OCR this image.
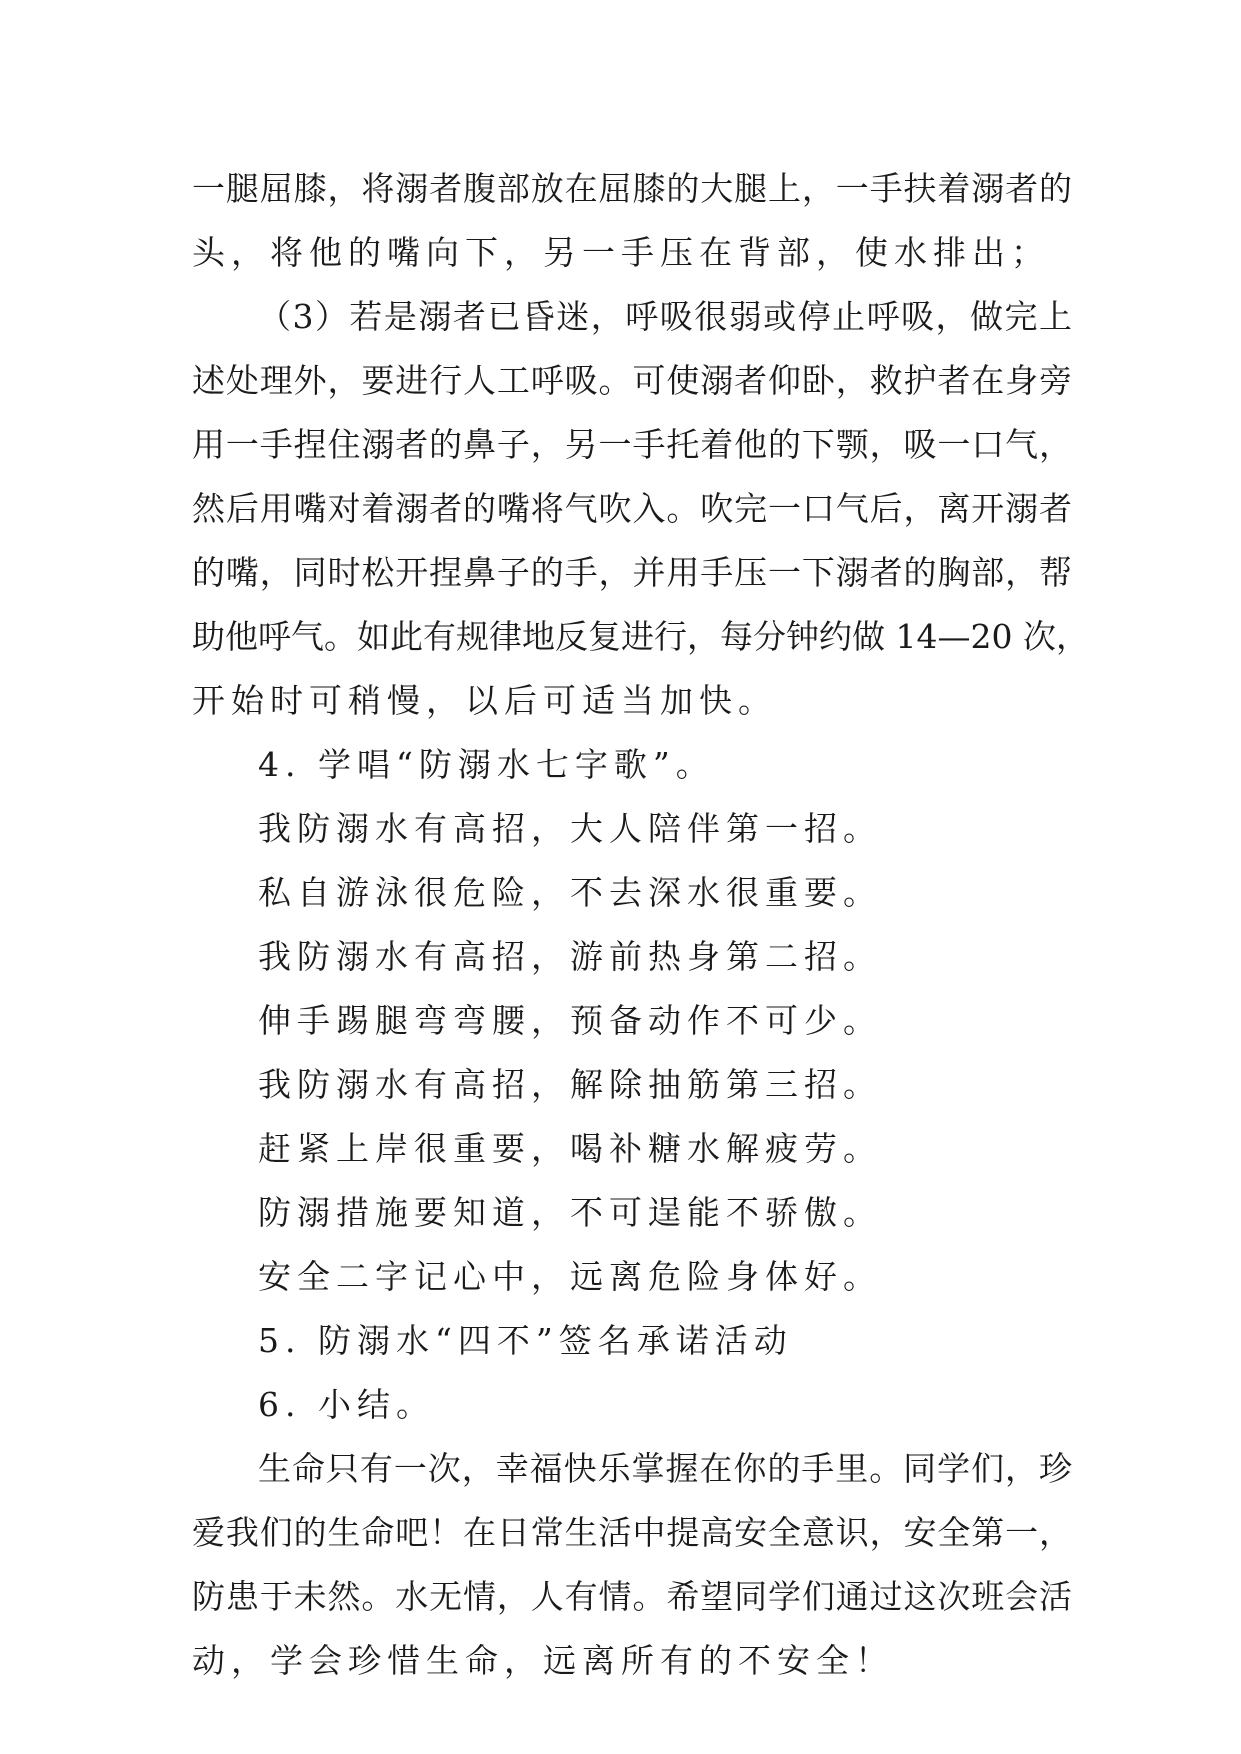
一腿屈膝，将溺者腹部放在屈膝的大腿上，一手扶着溺者的
头，将他的嘴向下，另一手压在背部，使水排出；
（3）若是溺者已昏迷，呼吸很弱或停止呼吸，做完上
述处理外，要进行人工呼吸。可使溺者仰卧，救护者在身旁
用一手捏住溺者的鼻子，另一手托着他的下颚，吸一口气，
然后用嘴对着溺者的嘴将气吹入。吹完一口气后，离开溺者
的嘴，同时松开捏鼻子的手，并用手压一下溺者的胸部，帮
助他呼气。如此有规律地反复进行，每分钟约做 14—20 次，
开始时可稍慢，以后可适当加快。
4. 学唱“防溺水七字歌”。
我防溺水有高招，大人陪伴第一招。
私自游泳很危险，不去深水很重要。
我防溺水有高招，游前热身第二招。
伸手踢腿弯弯腰，预备动作不可少。
我防溺水有高招，解除抽筋第三招。
赶紧上岸很重要，喝补糖水解疲劳。
防溺措施要知道，不可逞能不骄傲。
安全二字记心中，远离危险身体好。
5. 防溺水“四不”签名承诺活动
6. 小结。
生命只有一次，幸福快乐掌握在你的手里。同学们，珍
爱我们的生命吧！在日常生活中提高安全意识，安全第一，
防患于未然。水无情，人有情。希望同学们通过这次班会活
动，学会珍惜生命，远离所有的不安全！
